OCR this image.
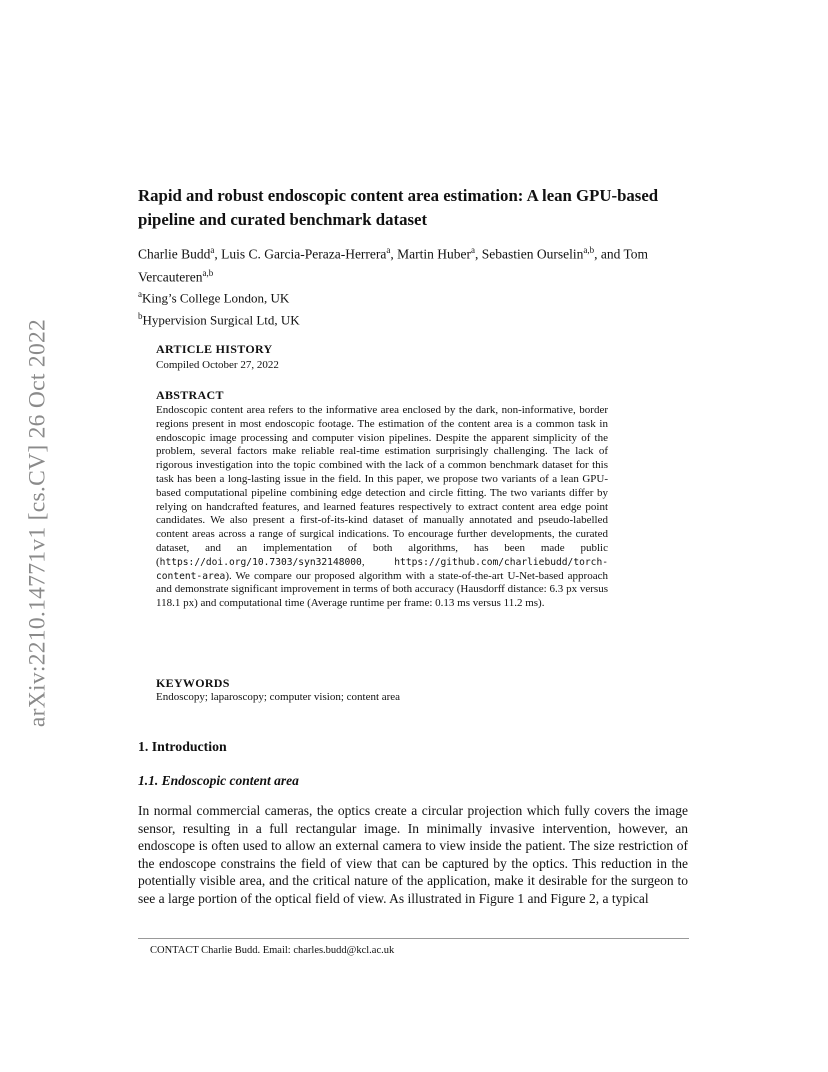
arXiv:2210.14771v1 [cs.CV] 26 Oct 2022
Rapid and robust endoscopic content area estimation: A lean GPU-based pipeline and curated benchmark dataset
Charlie Budd$^a$, Luis C. Garcia-Peraza-Herrera$^a$, Martin Huber$^a$, Sebastien Ourselin$^{a,b}$, and Tom Vercauteren$^{a,b}$
$^a$King’s College London, UK
$^b$Hypervision Surgical Ltd, UK
ARTICLE HISTORY
Compiled October 27, 2022
ABSTRACT
Endoscopic content area refers to the informative area enclosed by the dark, non-informative, border regions present in most endoscopic footage. The estimation of the content area is a common task in endoscopic image processing and computer vision pipelines. Despite the apparent simplicity of the problem, several factors make reliable real-time estimation surprisingly challenging. The lack of rigorous investigation into the topic combined with the lack of a common benchmark dataset for this task has been a long-lasting issue in the field. In this paper, we propose two variants of a lean GPU-based computational pipeline combining edge detection and circle fitting. The two variants differ by relying on handcrafted features, and learned features respectively to extract content area edge point candidates. We also present a first-of-its-kind dataset of manually annotated and pseudo-labelled content areas across a range of surgical indications. To encourage further developments, the curated dataset, and an implementation of both algorithms, has been made public (https://doi.org/10.7303/syn32148000, https://github.com/charliebudd/torch-content-area). We compare our proposed algorithm with a state-of-the-art U-Net-based approach and demonstrate significant improvement in terms of both accuracy (Hausdorff distance: 6.3 px versus 118.1 px) and computational time (Average runtime per frame: 0.13 ms versus 11.2 ms).
KEYWORDS
Endoscopy; laparoscopy; computer vision; content area
1. Introduction
1.1. Endoscopic content area
In normal commercial cameras, the optics create a circular projection which fully covers the image sensor, resulting in a full rectangular image. In minimally invasive intervention, however, an endoscope is often used to allow an external camera to view inside the patient. The size restriction of the endoscope constrains the field of view that can be captured by the optics. This reduction in the potentially visible area, and the critical nature of the application, make it desirable for the surgeon to see a large portion of the optical field of view. As illustrated in Figure 1 and Figure 2, a typical
CONTACT Charlie Budd. Email: charles.budd@kcl.ac.uk
